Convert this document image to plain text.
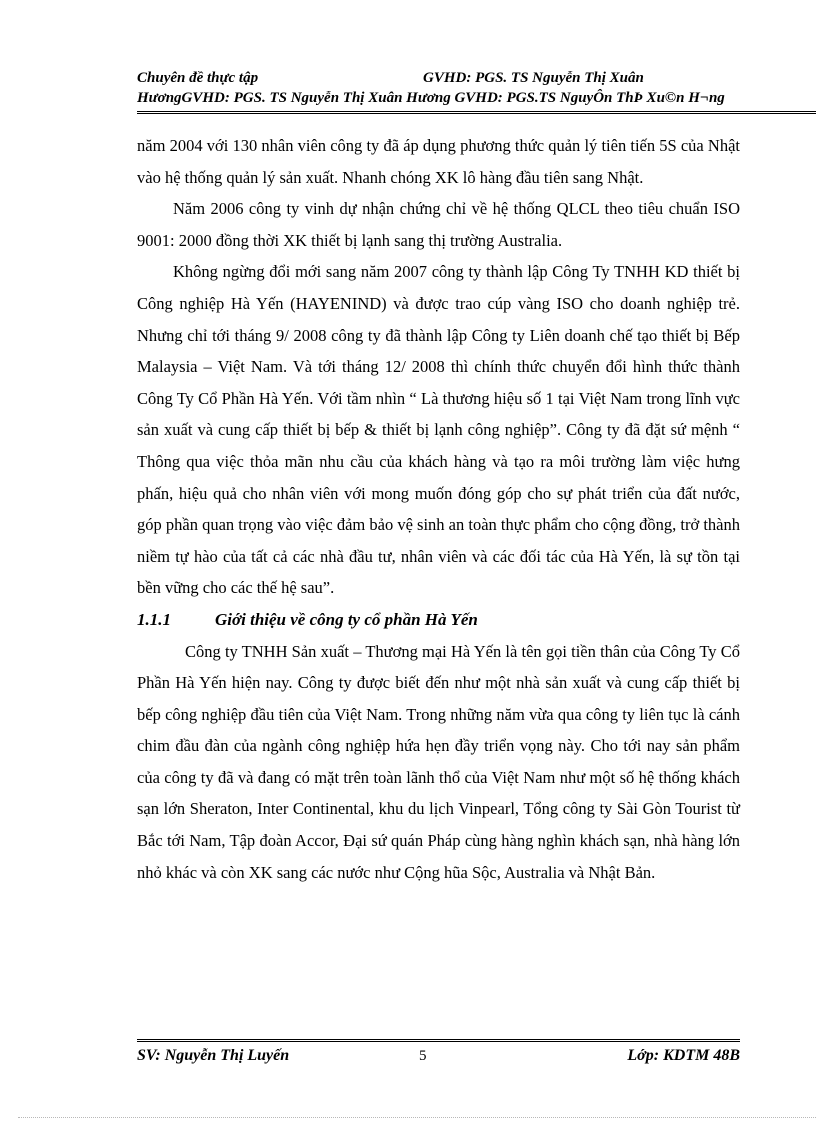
Chuyên đề thực tập	GVHD: PGS. TS Nguyễn Thị Xuân
HươngGVHD: PGS. TS Nguyễn Thị Xuân Hương GVHD: PGS.TS NguyÔn ThÞ Xu©n H¬ng

năm 2004 với 130 nhân viên công ty đã áp dụng phương thức quản lý tiên tiến 5S của Nhật vào hệ thống quản lý sản xuất. Nhanh chóng XK lô hàng đầu tiên sang Nhật.

Năm 2006 công ty vinh dự nhận chứng chỉ về hệ thống QLCL theo tiêu chuẩn ISO 9001: 2000 đồng thời XK thiết bị lạnh sang thị trường Australia.

Không ngừng đổi mới sang năm 2007 công ty thành lập Công Ty TNHH KD thiết bị Công nghiệp Hà Yến (HAYENIND) và được trao cúp vàng ISO cho doanh nghiệp trẻ. Nhưng chỉ tới tháng 9/ 2008 công ty đã thành lập Công ty Liên doanh chế tạo thiết bị Bếp Malaysia – Việt Nam. Và tới tháng 12/ 2008 thì chính thức chuyển đổi hình thức thành Công Ty Cổ Phần Hà Yến. Với tầm nhìn “ Là thương hiệu số 1 tại Việt Nam trong lĩnh vực sản xuất và cung cấp thiết bị bếp & thiết bị lạnh công nghiệp”. Công ty đã đặt sứ mệnh “ Thông qua việc thỏa mãn nhu cầu của khách hàng và tạo ra môi trường làm việc hưng phấn, hiệu quả cho nhân viên với mong muốn đóng góp cho sự phát triển của đất nước, góp phần quan trọng vào việc đảm bảo vệ sinh an toàn thực phẩm cho cộng đồng, trở thành niềm tự hào của tất cả các nhà đầu tư, nhân viên và các đối tác của Hà Yến, là sự tồn tại bền vững cho các thế hệ sau”.

1.1.1	Giới thiệu về công ty cổ phần Hà Yến

Công ty TNHH Sản xuất – Thương mại Hà Yến là tên gọi tiền thân của Công Ty Cổ Phần Hà Yến hiện nay. Công ty được biết đến như một nhà sản xuất và cung cấp thiết bị bếp công nghiệp đầu tiên của Việt Nam. Trong những năm vừa qua công ty liên tục là cánh chim đầu đàn của ngành công nghiệp hứa hẹn đầy triển vọng này. Cho tới nay sản phẩm của công ty đã và đang có mặt trên toàn lãnh thổ của Việt Nam như một số hệ thống khách sạn lớn Sheraton, Inter Continental, khu du lịch Vinpearl, Tổng công ty Sài Gòn Tourist từ Bắc tới Nam, Tập đoàn Accor, Đại sứ quán Pháp cùng hàng nghìn khách sạn, nhà hàng lớn nhỏ khác và còn XK sang các nước như Cộng hũa Sộc, Australia và Nhật Bản.

SV: Nguyễn Thị Luyến	5	Lớp: KDTM 48B
